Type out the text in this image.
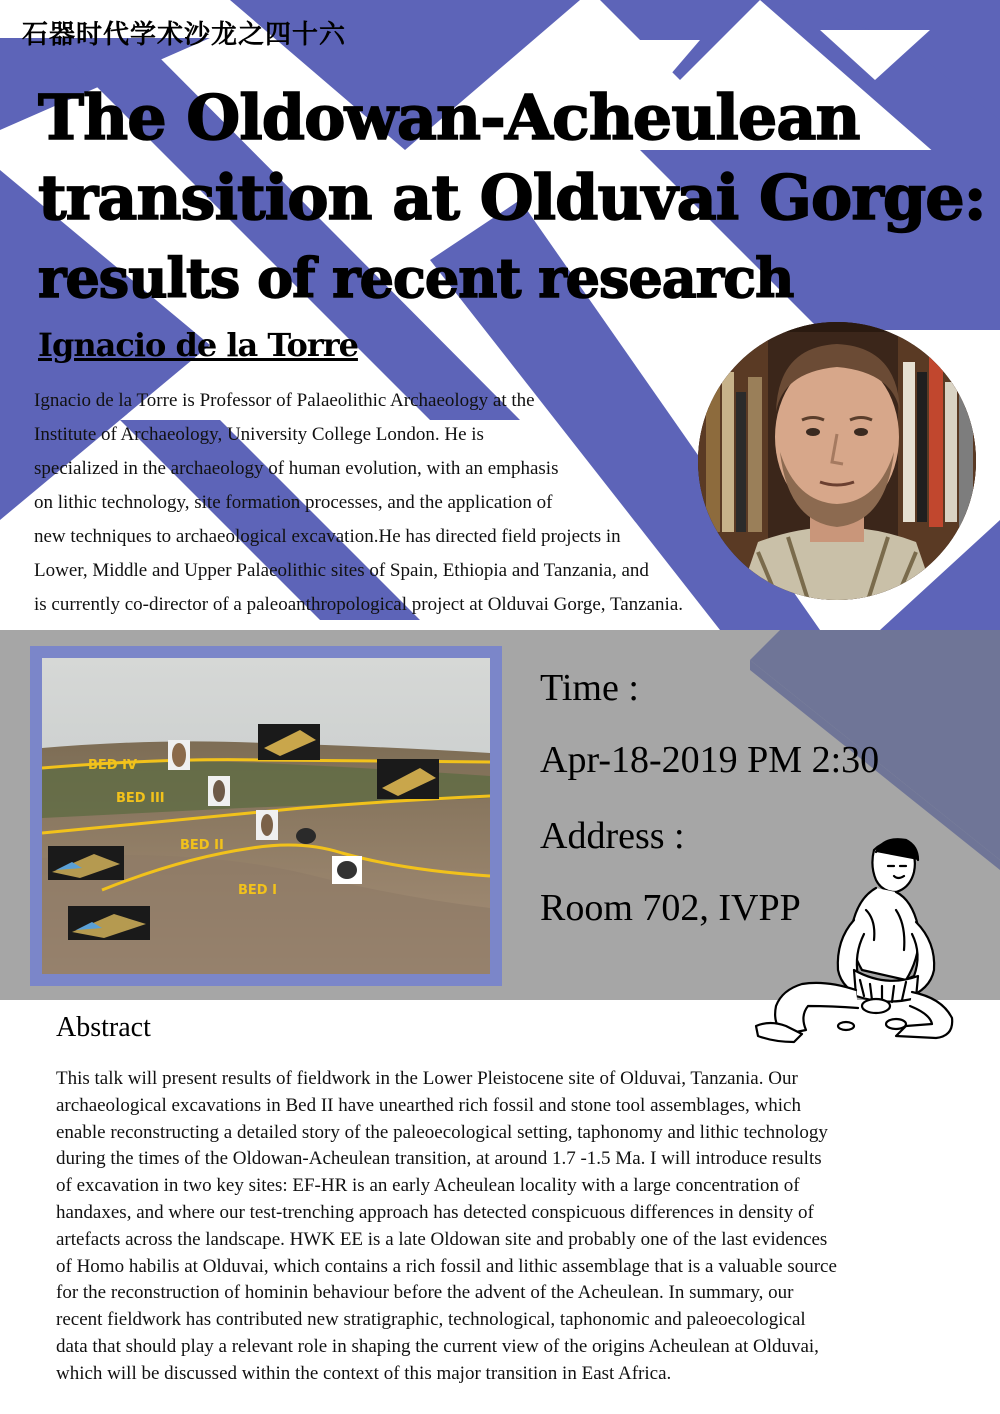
石器时代学术沙龙之四十六
The Oldowan-Acheulean
transition at Olduvai Gorge:
results of recent research
Ignacio de la Torre
Ignacio de la Torre is Professor of Palaeolithic Archaeology at the
Institute of Archaeology, University College London. He is
specialized in the archaeology of human evolution, with an emphasis
on lithic technology, site formation processes, and the application of
new techniques to archaeological excavation.He has directed field projects in
Lower, Middle and Upper Palaeolithic sites of Spain, Ethiopia and Tanzania, and
is currently co-director of a paleoanthropological project at Olduvai Gorge, Tanzania.
BED IV
BED III
BED II
BED I
Time :
Apr-18-2019 PM 2:30
Address :
Room 702, IVPP
Abstract
This talk will present results of fieldwork in the Lower Pleistocene site of Olduvai, Tanzania. Our
archaeological excavations in Bed II have unearthed rich fossil and stone tool assemblages, which
enable reconstructing a detailed story of the paleoecological setting, taphonomy and lithic technology
during the times of the Oldowan-Acheulean transition, at around 1.7 -1.5 Ma. I will introduce results
of excavation in two key sites: EF-HR is an early Acheulean locality with a large concentration of
handaxes, and where our test-trenching approach has detected conspicuous differences in density of
artefacts across the landscape. HWK EE is a late Oldowan site and probably one of the last evidences
of Homo habilis at Olduvai, which contains a rich fossil and lithic assemblage that is a valuable source
for the reconstruction of hominin behaviour before the advent of the Acheulean. In summary, our
recent fieldwork has contributed new stratigraphic, technological, taphonomic and paleoecological
data that should play a relevant role in shaping the current view of the origins Acheulean at Olduvai,
which will be discussed within the context of this major transition in East Africa.
